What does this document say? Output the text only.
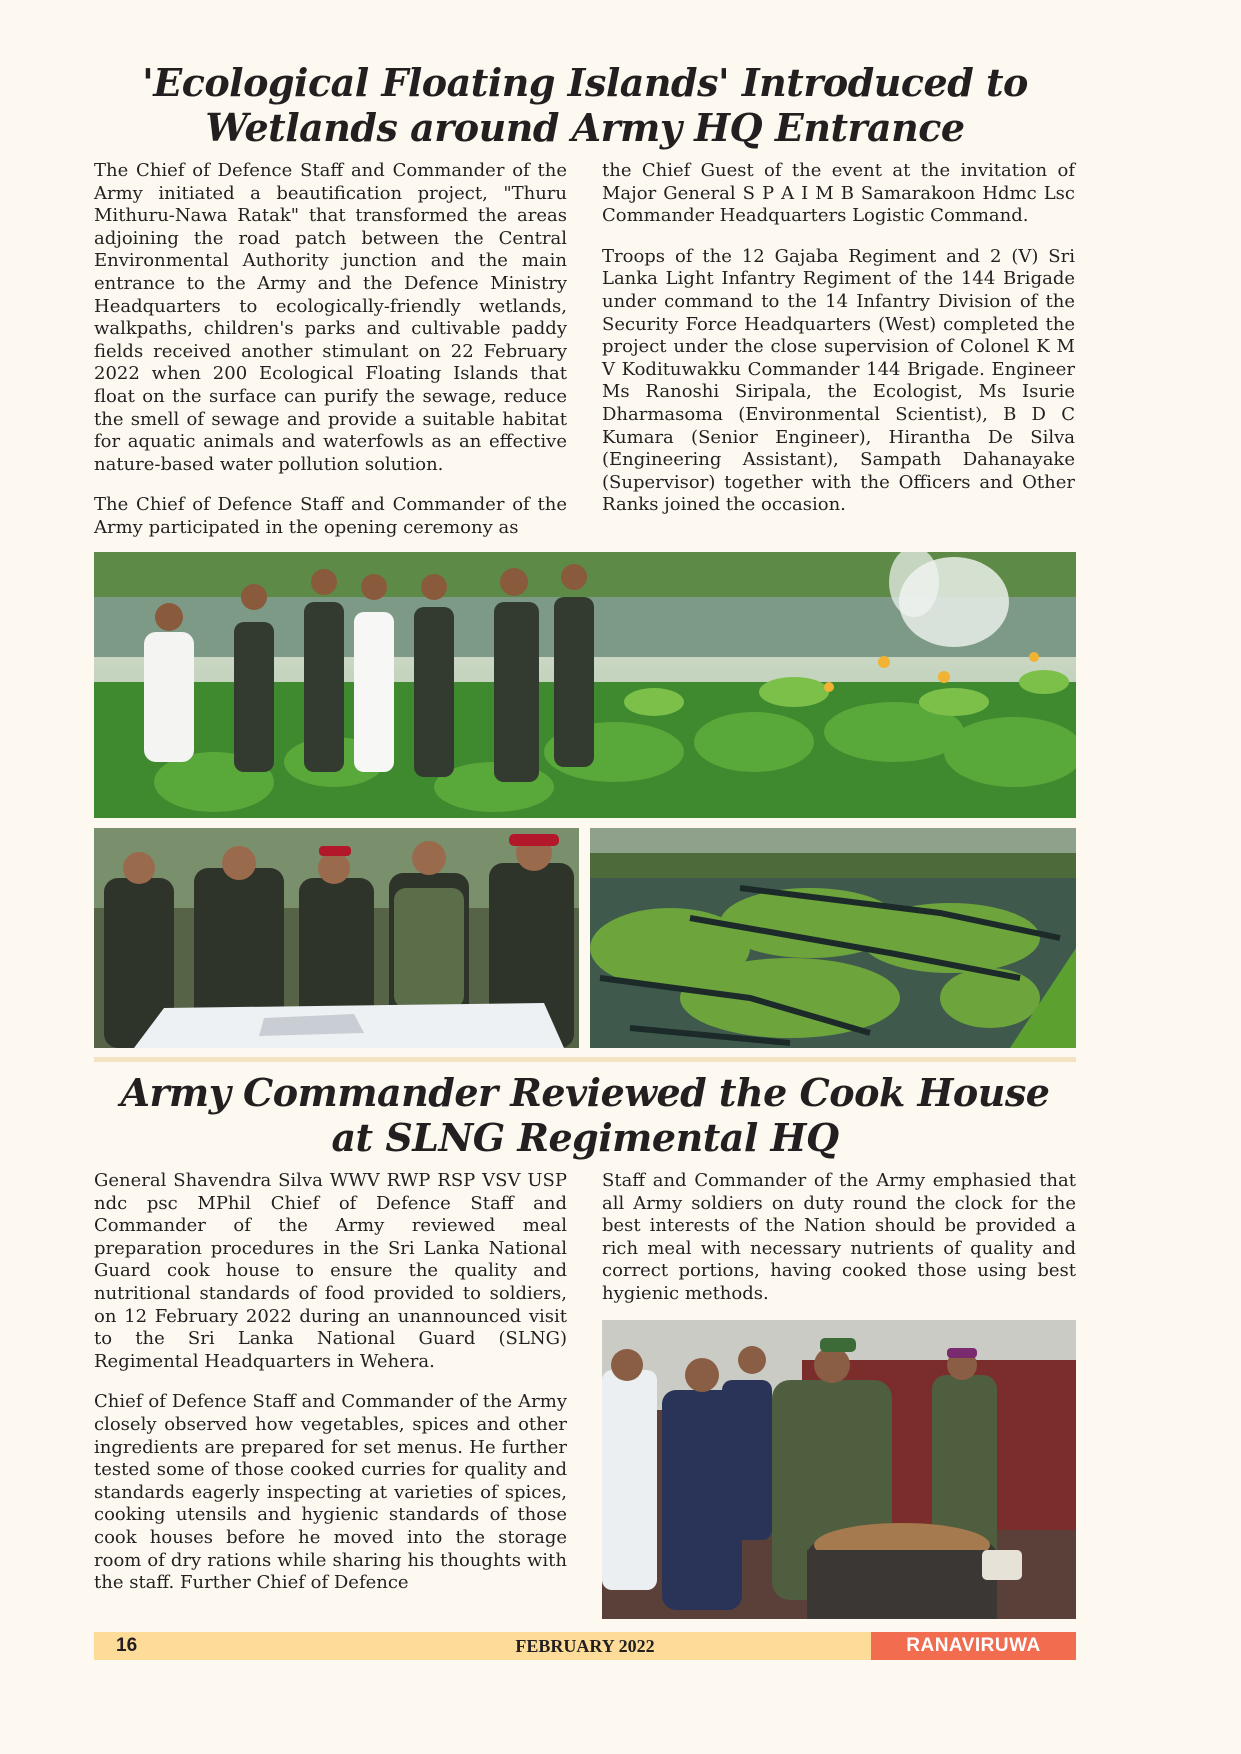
'Ecological Floating Islands' Introduced to Wetlands around Army HQ Entrance

The Chief of Defence Staff and Commander of the Army initiated a beautification project, "Thuru Mithuru-Nawa Ratak" that transformed the areas adjoining the road patch between the Central Environmental Authority junction and the main entrance to the Army and the Defence Ministry Headquarters to ecologically-friendly wetlands, walkpaths, children's parks and cultivable paddy fields received another stimulant on 22 February 2022 when 200 Ecological Floating Islands that float on the surface can purify the sewage, reduce the smell of sewage and provide a suitable habitat for aquatic animals and waterfowls as an effective nature-based water pollution solution.

The Chief of Defence Staff and Commander of the Army participated in the opening ceremony as

the Chief Guest of the event at the invitation of Major General S P A I M B Samarakoon Hdmc Lsc Commander Headquarters Logistic Command.

Troops of the 12 Gajaba Regiment and 2 (V) Sri Lanka Light Infantry Regiment of the 144 Brigade under command to the 14 Infantry Division of the Security Force Headquarters (West) completed the project under the close supervision of Colonel K M V Kodituwakku Commander 144 Brigade. Engineer Ms Ranoshi Siripala, the Ecologist, Ms Isurie Dharmasoma (Environmental Scientist), B D C Kumara (Senior Engineer), Hirantha De Silva (Engineering Assistant), Sampath Dahanayake (Supervisor) together with the Officers and Other Ranks joined the occasion.

Army Commander Reviewed the Cook House at SLNG Regimental HQ

General Shavendra Silva WWV RWP RSP VSV USP ndc psc MPhil Chief of Defence Staff and Commander of the Army reviewed meal preparation procedures in the Sri Lanka National Guard cook house to ensure the quality and nutritional standards of food provided to soldiers, on 12 February 2022 during an unannounced visit to the Sri Lanka National Guard (SLNG) Regimental Headquarters in Wehera.

Chief of Defence Staff and Commander of the Army closely observed how vegetables, spices and other ingredients are prepared for set menus. He further tested some of those cooked curries for quality and standards eagerly inspecting at varieties of spices, cooking utensils and hygienic standards of those cook houses before he moved into the storage room of dry rations while sharing his thoughts with the staff. Further Chief of Defence

Staff and Commander of the Army emphasied that all Army soldiers on duty round the clock for the best interests of the Nation should be provided a rich meal with necessary nutrients of quality and correct portions, having cooked those using best hygienic methods.

16	FEBRUARY 2022	RANAVIRUWA
